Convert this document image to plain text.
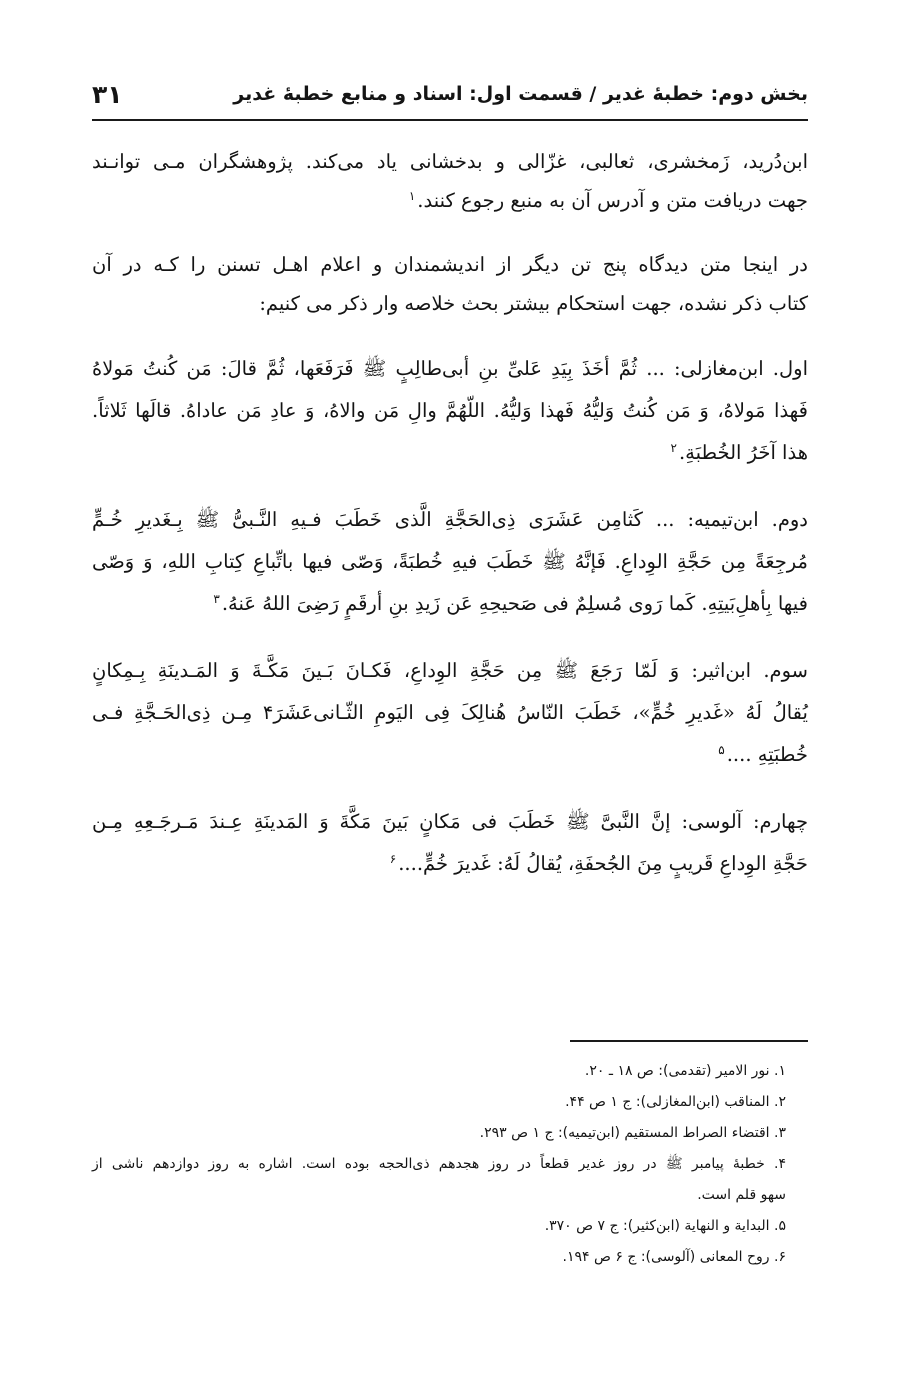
بخش دوم: خطبهٔ غدیر / قسمت اول: اسناد و منابع خطبهٔ غدیر
۳۱

ابن‌دُرید، زَمخشری، ثعالبی، غزّالی و بدخشانی یاد می‌کند. پژوهشگران مـی توانـند
جهت دریافت متن و آدرس آن به منبع رجوع کنند.$^۱$

در اینجا متن دیدگاه پنج تن دیگر از اندیشمندان و اعلام اهـل تسنن را کـه در آن
کتاب ذکر نشده، جهت استحکام بیشتر بحث خلاصه وار ذکر می کنیم:

اول. ابن‌مغازلی: ... ثُمَّ أخَذَ بِیَدِ عَلیِّ بنِ أبی‌طالِبٍ ﷺ فَرَفَعَها، ثُمَّ قالَ: مَن کُنتُ مَولاهُ
فَهذا مَولاهُ، وَ مَن کُنتُ وَلیُّهُ فَهذا وَلیُّهُ. اللّهُمَّ والِ مَن والاهُ، وَ عادِ مَن عاداهُ. قالَها ثَلاثاً.
هذا آخَرُ الخُطبَةِ.$^۲$

دوم. ابن‌تیمیه: ... کَثامِن عَشَرَی ذِی‌الحَجَّةِ الَّذی خَطَبَ فـیهِ النَّـبیُّ ﷺ بِـغَدیرِ خُـمٍّ
مُرجِعَةً مِن حَجَّةِ الوِداعِ. فَإنَّهُ ﷺ خَطَبَ فیهِ خُطبَةً، وَصّی فیها باتِّباعِ کِتابِ اللهِ، وَ وَصّی
فیها بِأهلِ‌بَیتِهِ. کَما رَوی مُسلِمٌ فی صَحیحِهِ عَن زَیدِ بنِ أرقَمٍ رَضِیَ اللهُ عَنهُ.$^۳$

سوم. ابن‌اثیر: وَ لَمّا رَجَعَ ﷺ مِن حَجَّةِ الوِداعِ، فَکـانَ بَـینَ مَکَّـةَ وَ المَـدینَةِ بِـمِکانٍ
یُقالُ لَهُ «غَدیرِ خُمٍّ»، خَطَبَ النّاسُ هُنالِکَ فِی الیَومِ الثّـانی‌عَشَرَ۴ مِـن ذِی‌الحَـجَّةِ فـی
خُطبَتِهِ ....$^۵$

چهارم: آلوسی: إنَّ النَّبیَّ ﷺ خَطَبَ فی مَکانٍ بَینَ مَکَّةَ وَ المَدینَةِ عِـندَ مَـرجَـعِهِ مِـن
حَجَّةِ الوِداعِ قَریبٍ مِنَ الجُحفَةِ، یُقالُ لَهُ: غَدیرَ خُمٍّ....$^۶$

۱. نور الامیر (تقدمی): ص ۱۸ ـ ۲۰.
۲. المناقب (ابن‌المغازلی): ج ۱ ص ۴۴.
۳. اقتضاء الصراط المستقیم (ابن‌تیمیه): ج ۱ ص ۲۹۳.
۴. خطبهٔ پیامبر ﷺ در روز غدیر قطعاً در روز هجدهم ذی‌الحجه بوده است. اشاره به روز دوازدهم ناشی از
سهو قلم است.
۵. البدایة و النهایة (ابن‌کثیر): ج ۷ ص ۳۷۰.
۶. روح المعانی (آلوسی): ج ۶ ص ۱۹۴.
